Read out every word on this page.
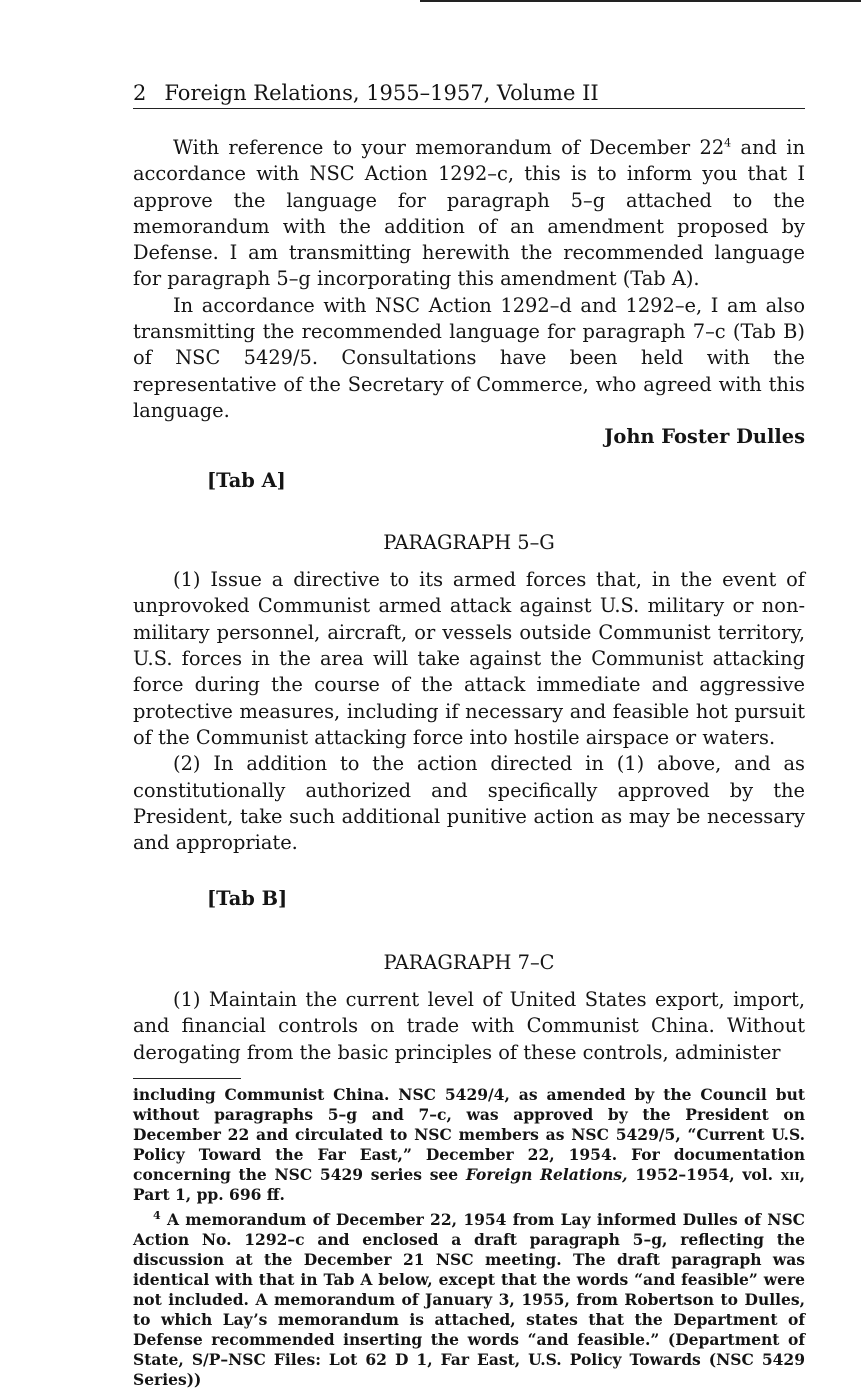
2 Foreign Relations, 1955–1957, Volume II

With reference to your memorandum of December $22^4$ and in accordance with NSC Action 1292–c, this is to inform you that I approve the language for paragraph 5–g attached to the memorandum with the addition of an amendment proposed by Defense. I am transmitting herewith the recommended language for paragraph 5–g incorporating this amendment (Tab A).

In accordance with NSC Action 1292–d and 1292–e, I am also transmitting the recommended language for paragraph 7–c (Tab B) of NSC 5429/5. Consultations have been held with the representative of the Secretary of Commerce, who agreed with this language.

John Foster Dulles
[Tab A]
PARAGRAPH 5–G

(1) Issue a directive to its armed forces that, in the event of unprovoked Communist armed attack against U.S. military or non-military personnel, aircraft, or vessels outside Communist territory, U.S. forces in the area will take against the Communist attacking force during the course of the attack immediate and aggressive protective measures, including if necessary and feasible hot pursuit of the Communist attacking force into hostile airspace or waters.

(2) In addition to the action directed in (1) above, and as constitutionally authorized and specifically approved by the President, take such additional punitive action as may be necessary and appropriate.

[Tab B]
PARAGRAPH 7–C

(1) Maintain the current level of United States export, import, and financial controls on trade with Communist China. Without derogating from the basic principles of these controls, administer

including Communist China. NSC 5429/4, as amended by the Council but without paragraphs 5–g and 7–c, was approved by the President on December 22 and circulated to NSC members as NSC 5429/5, “Current U.S. Policy Toward the Far East,” December 22, 1954. For documentation concerning the NSC 5429 series see Foreign Relations, 1952–1954, vol. xii, Part 1, pp. 696 ff.

$^4$ A memorandum of December 22, 1954 from Lay informed Dulles of NSC Action No. 1292–c and enclosed a draft paragraph 5–g, reflecting the discussion at the December 21 NSC meeting. The draft paragraph was identical with that in Tab A below, except that the words “and feasible” were not included. A memorandum of January 3, 1955, from Robertson to Dulles, to which Lay’s memorandum is attached, states that the Department of Defense recommended inserting the words “and feasible.” (Department of State, S/P–NSC Files: Lot 62 D 1, Far East, U.S. Policy Towards (NSC 5429 Series))
